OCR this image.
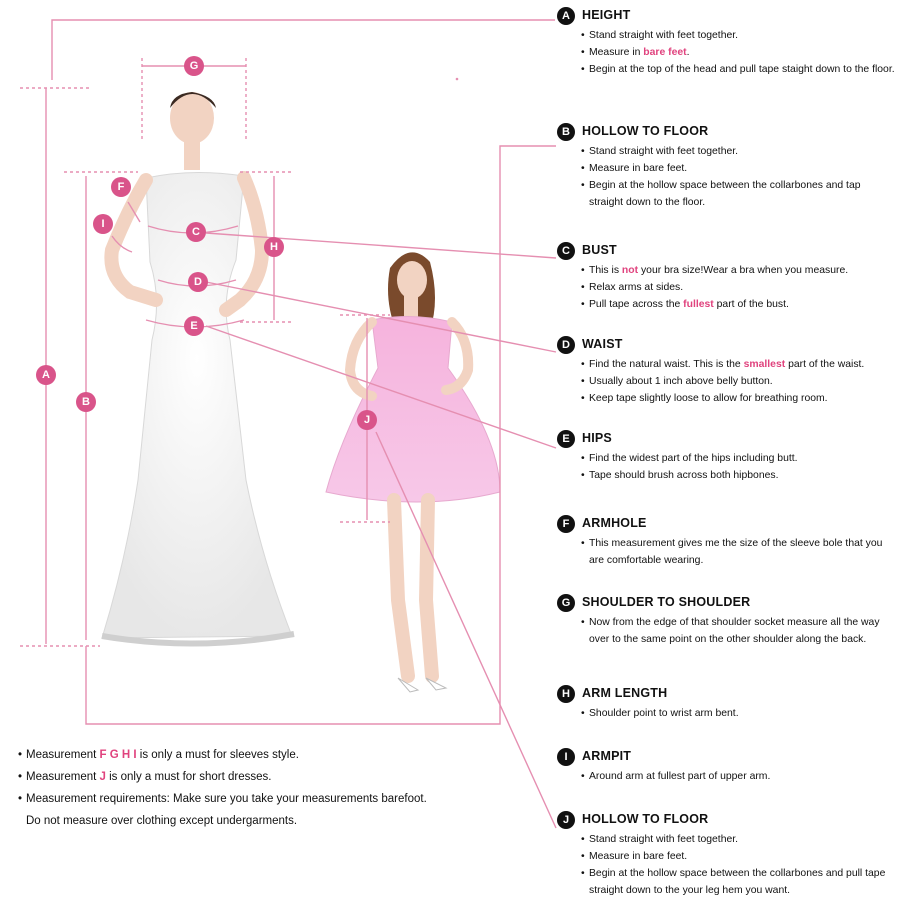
A
B
C
D
E
F
G
H
I
J
A HEIGHT
• Stand straight with feet together.
• Measure in bare feet.
• Begin at the top of the head and pull tape staight down to the floor.
B HOLLOW TO FLOOR
• Stand straight with feet together.
• Measure in bare feet.
• Begin at the hollow space between the collarbones and tap straight down to the floor.
C BUST
• This is not your bra size!Wear a bra when you measure.
• Relax arms at sides.
• Pull tape across the fullest part of the bust.
D WAIST
• Find the natural waist. This is the smallest part of the waist.
• Usually about 1 inch above belly button.
• Keep tape slightly loose to allow for breathing room.
E HIPS
• Find the widest part of the hips including butt.
• Tape should brush across both hipbones.
F	ARMHOLE
• This measurement gives me the size of the sleeve bole that you are comfortable wearing.
G SHOULDER TO SHOULDER
• Now from the edge of that shoulder socket measure all the way over to the same point on the other shoulder along the back.
H ARM LENGTH
• Shoulder point to wrist arm bent.
I	ARMPIT
• Around arm at fullest part of upper arm.
J	HOLLOW TO FLOOR
• Stand straight with feet together.
• Measure in bare feet.
• Begin at the hollow space between the collarbones and pull tape straight down to the your leg hem you want.
• Measurement F G H I is only a must for sleeves style.
• Measurement J is only a must for short dresses.
• Measurement requirements: Make sure you take your measurements barefoot.
Do not measure over clothing except undergarments.
